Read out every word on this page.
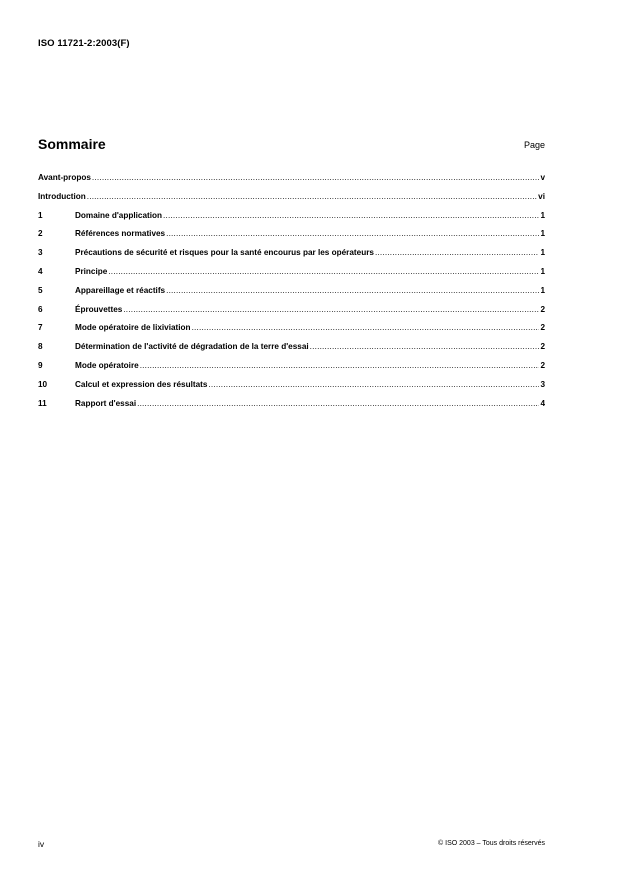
ISO 11721-2:2003(F)
Sommaire	Page
Avant-propos .....	v
Introduction .....	vi
1	Domaine d'application .....	1
2	Références normatives .....	1
3	Précautions de sécurité et risques pour la santé encourus par les opérateurs .....	1
4	Principe .....	1
5	Appareillage et réactifs .....	1
6	Éprouvettes .....	2
7	Mode opératoire de lixiviation .....	2
8	Détermination de l'activité de dégradation de la terre d'essai .....	2
9	Mode opératoire .....	2
10	Calcul et expression des résultats .....	3
11	Rapport d'essai .....	4
iv	© ISO 2003 – Tous droits réservés
